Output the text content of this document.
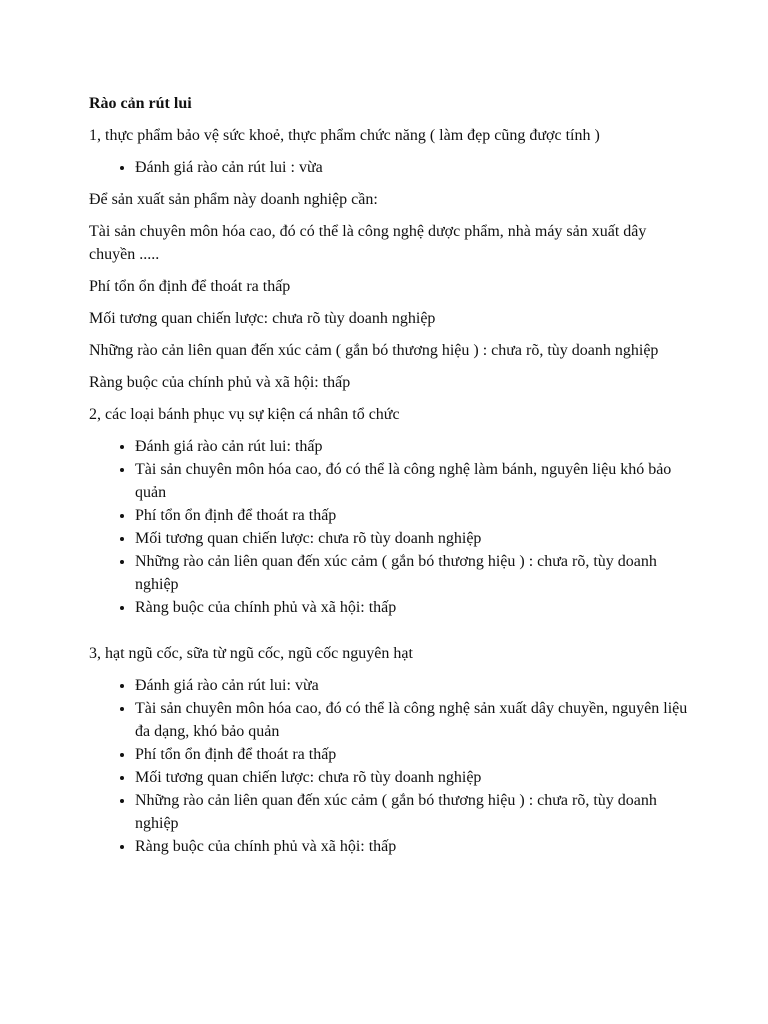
Rào cản rút lui

1, thực phẩm bảo vệ sức khoẻ, thực phẩm chức năng ( làm đẹp cũng được tính )

• Đánh giá rào cản rút lui : vừa

Để sản xuất sản phẩm này doanh nghiệp cần:

Tài sản chuyên môn hóa cao, đó có thể là công nghệ dược phẩm, nhà máy sản xuất dây chuyền .....

Phí tổn ổn định để thoát ra thấp

Mối tương quan chiến lược: chưa rõ tùy doanh nghiệp

Những rào cản liên quan đến xúc cảm ( gắn bó thương hiệu ) : chưa rõ, tùy doanh nghiệp

Ràng buộc của chính phủ và xã hội: thấp

2, các loại bánh phục vụ sự kiện cá nhân tổ chức

• Đánh giá rào cản rút lui: thấp
• Tài sản chuyên môn hóa cao, đó có thể là công nghệ làm bánh, nguyên liệu khó bảo quản
• Phí tổn ổn định để thoát ra thấp
• Mối tương quan chiến lược: chưa rõ tùy doanh nghiệp
• Những rào cản liên quan đến xúc cảm ( gắn bó thương hiệu ) : chưa rõ, tùy doanh nghiệp
• Ràng buộc của chính phủ và xã hội: thấp

3, hạt ngũ cốc, sữa từ ngũ cốc, ngũ cốc nguyên hạt

• Đánh giá rào cản rút lui: vừa
• Tài sản chuyên môn hóa cao, đó có thể là công nghệ sản xuất dây chuyền, nguyên liệu đa dạng, khó bảo quản
• Phí tổn ổn định để thoát ra thấp
• Mối tương quan chiến lược: chưa rõ tùy doanh nghiệp
• Những rào cản liên quan đến xúc cảm ( gắn bó thương hiệu ) : chưa rõ, tùy doanh nghiệp
• Ràng buộc của chính phủ và xã hội: thấp
